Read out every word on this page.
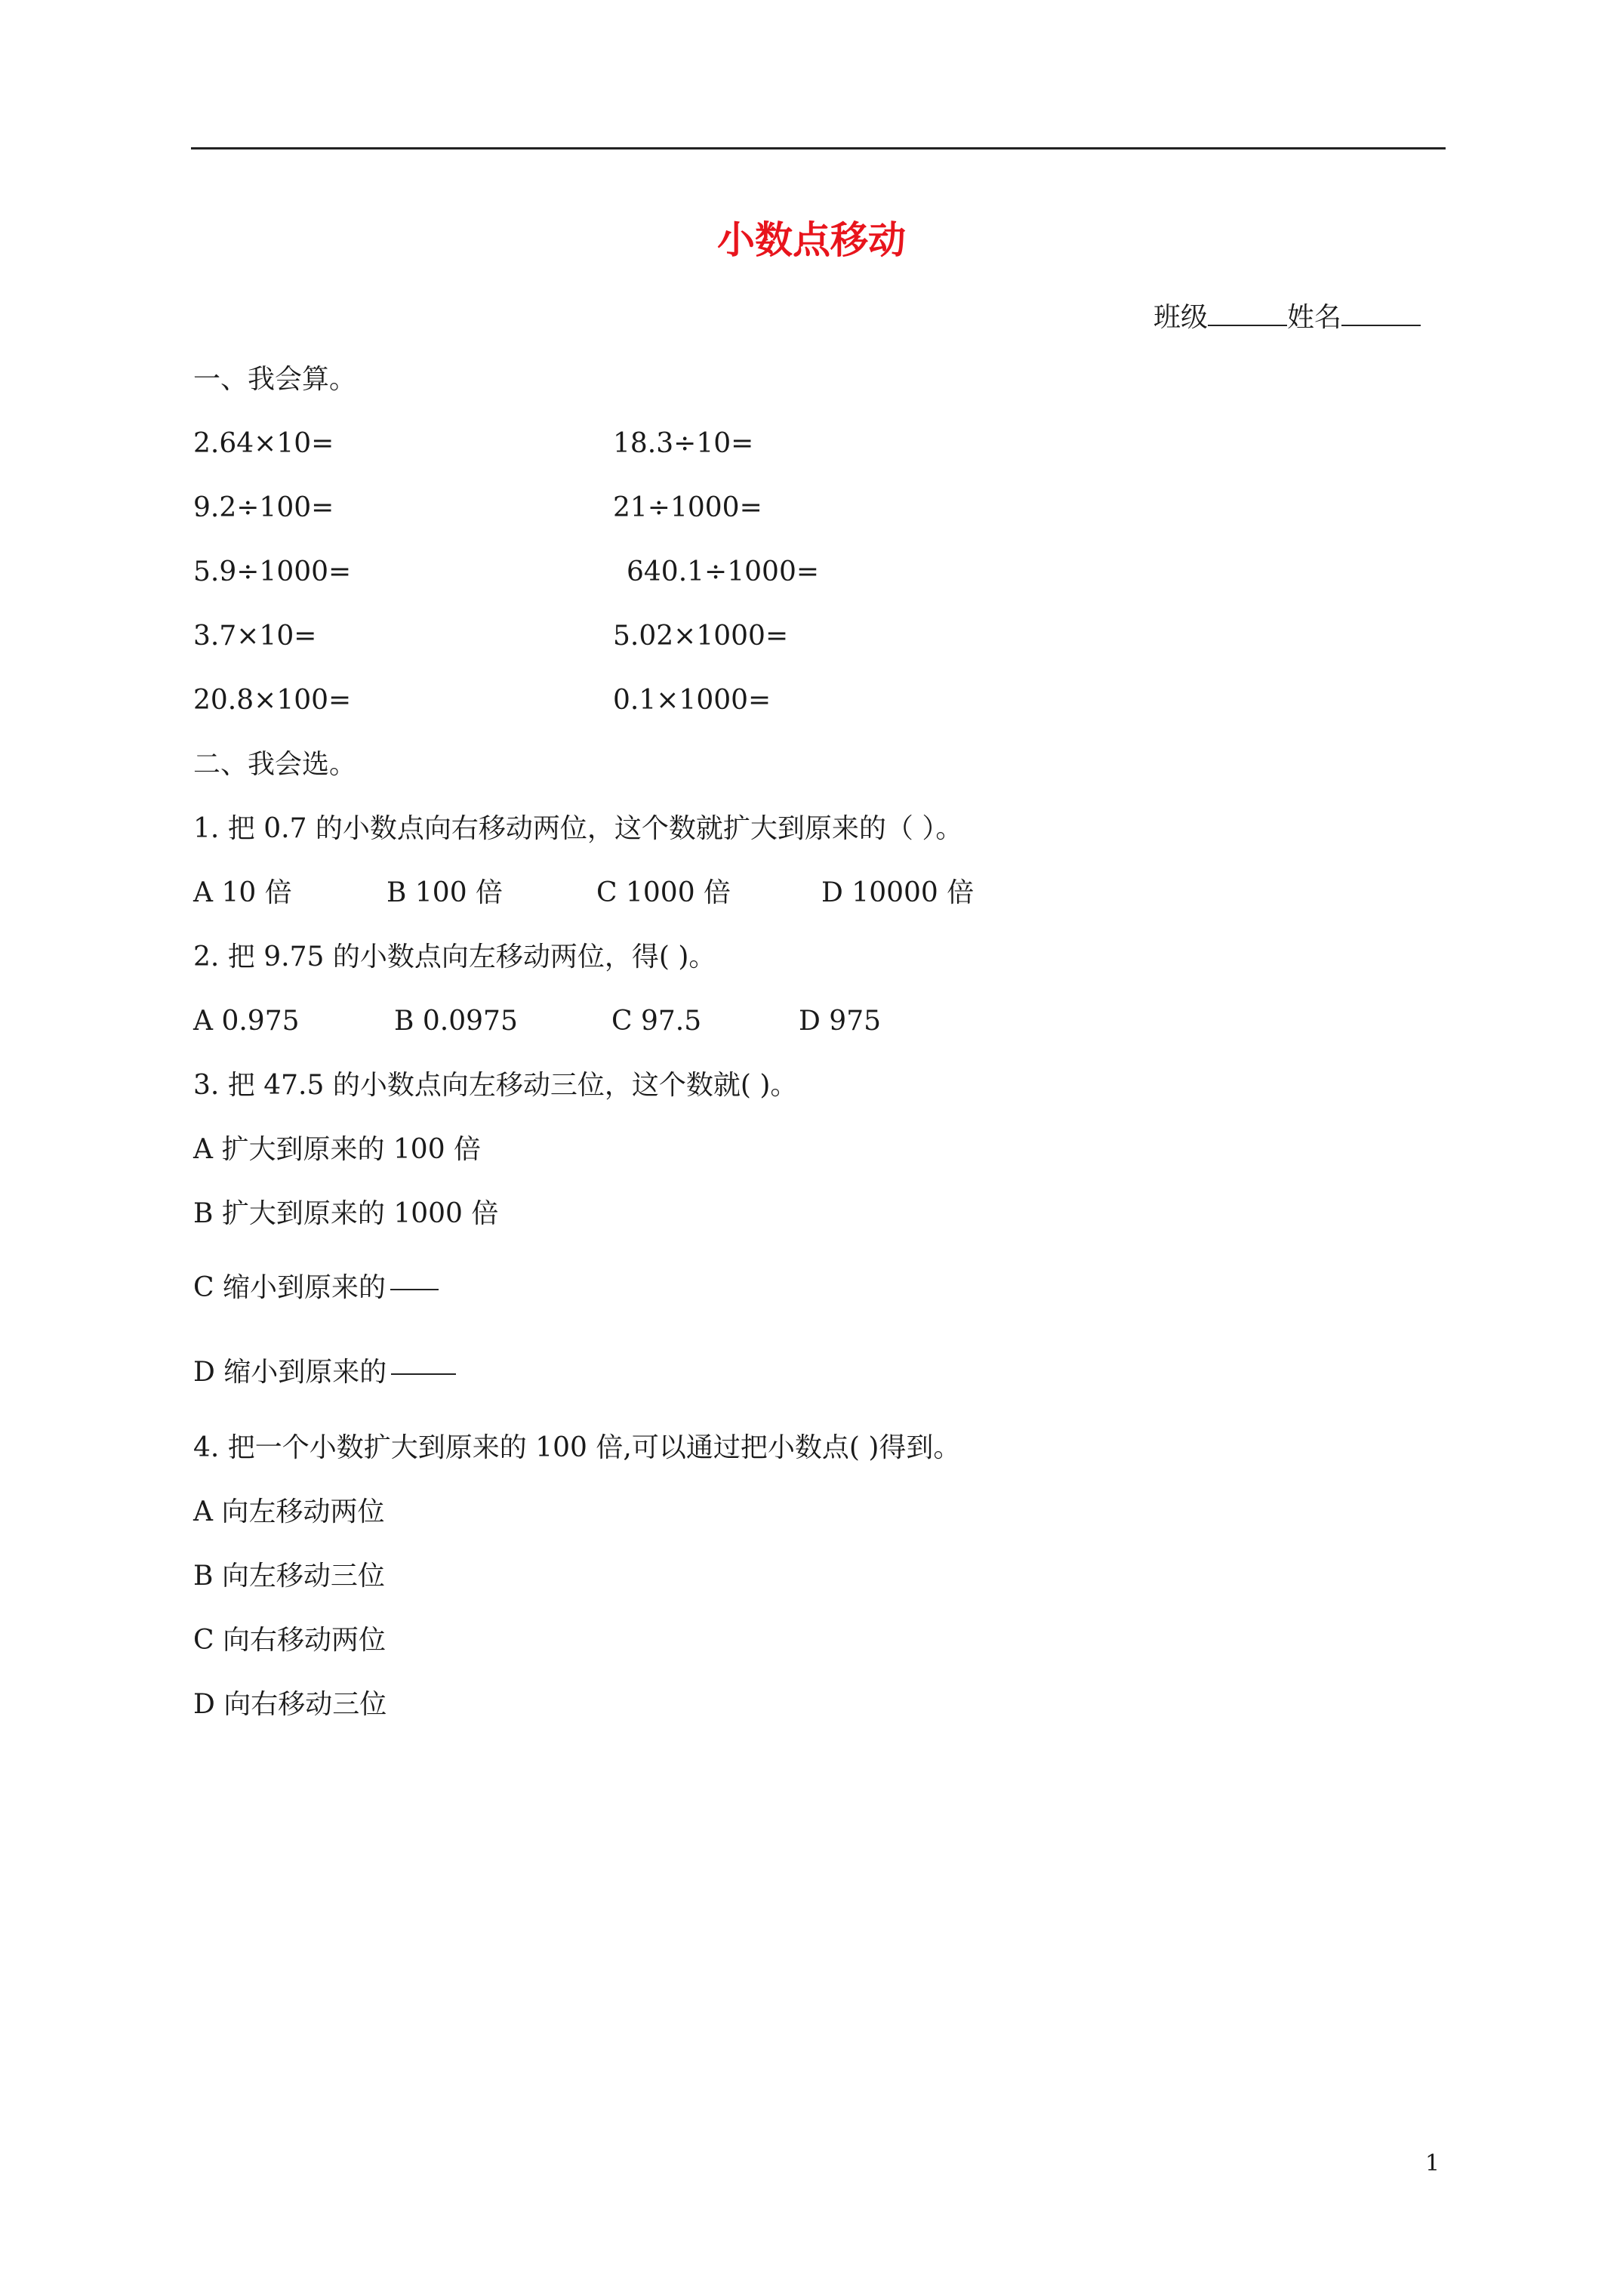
小数点移动
班级	姓名
一、我会算。
2.64×10=	18.3÷10=
9.2÷100=	21÷1000=
5.9÷1000=	640.1÷1000=
3.7×10=	5.02×1000=
20.8×100=	0.1×1000=
二、我会选。
1. 把 0.7 的小数点向右移动两位，这个数就扩大到原来的（ ）。
A 10 倍	B 100 倍	C 1000 倍	D 10000 倍
2. 把 9.75 的小数点向左移动两位，得( )。
A 0.975	B 0.0975	C 97.5	D 975
3. 把 47.5 的小数点向左移动三位，这个数就( )。
A 扩大到原来的 100 倍
B 扩大到原来的 1000 倍
C 缩小到原来的
D 缩小到原来的
4. 把一个小数扩大到原来的 100 倍,可以通过把小数点( )得到。
A 向左移动两位
B 向左移动三位
C 向右移动两位
D 向右移动三位
1
